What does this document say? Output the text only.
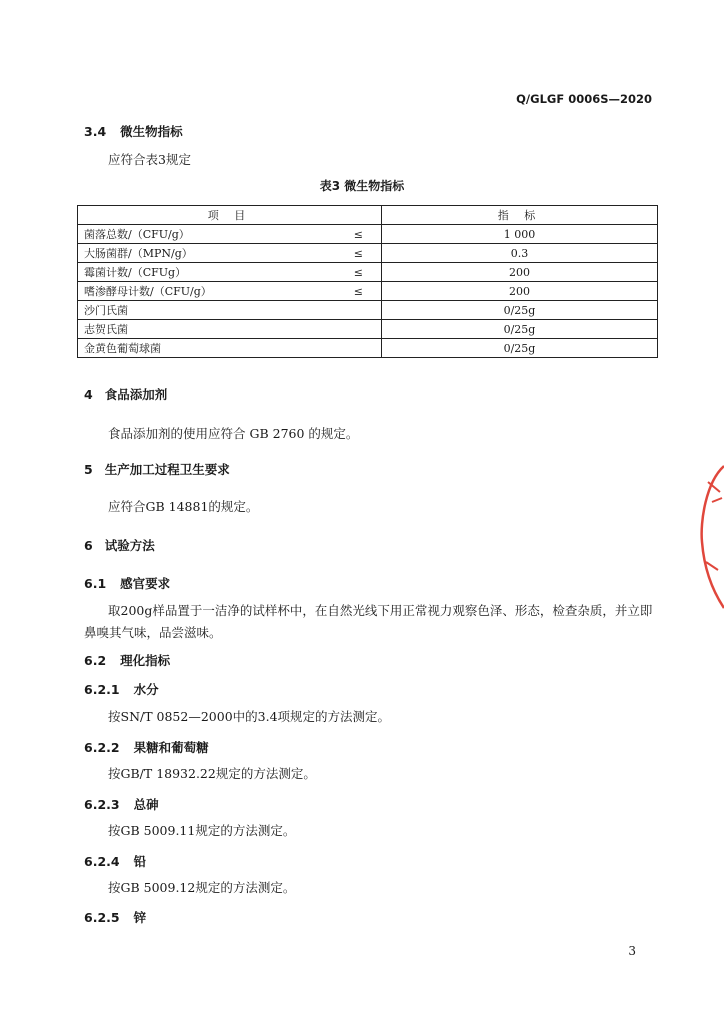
Q/GLGF 0006S—2020
3.4 微生物指标
应符合表3规定
表3 微生物指标
项 目		指 标
菌落总数/（CFU/g）	≤	1 000
大肠菌群/（MPN/g）	≤	0.3
霉菌计数/（CFUg）	≤	200
嗜渗酵母计数/（CFU/g）	≤	200
沙门氏菌		0/25g
志贺氏菌		0/25g
金黄色葡萄球菌		0/25g
4 食品添加剂
食品添加剂的使用应符合 GB 2760 的规定。
5 生产加工过程卫生要求
应符合GB 14881的规定。
6 试验方法
6.1 感官要求
取200g样品置于一洁净的试样杯中，在自然光线下用正常视力观察色泽、形态，检查杂质，并立即鼻嗅其气味，品尝滋味。
6.2 理化指标
6.2.1 水分
按SN/T 0852—2000中的3.4项规定的方法测定。
6.2.2 果糖和葡萄糖
按GB/T 18932.22规定的方法测定。
6.2.3 总砷
按GB 5009.11规定的方法测定。
6.2.4 铅
按GB 5009.12规定的方法测定。
6.2.5 锌
3
